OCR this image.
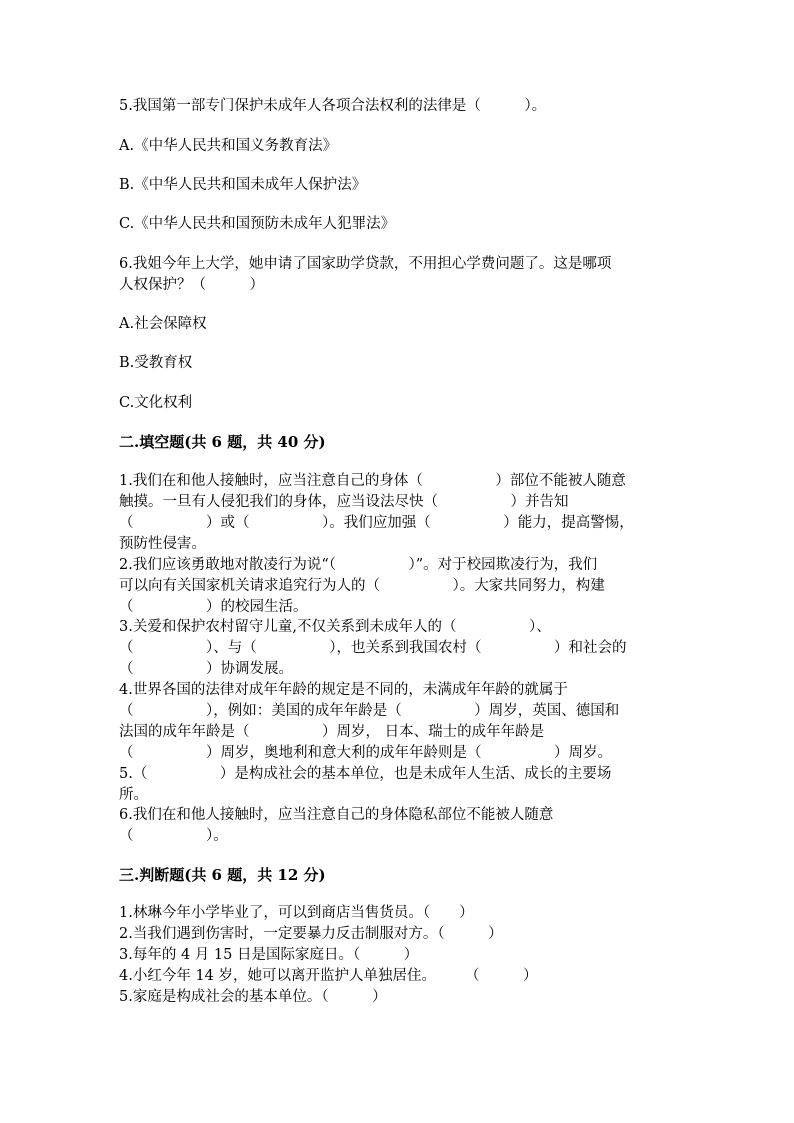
5.我国第一部专门保护未成年人各项合法权利的法律是（　　　）。
A.《中华人民共和国义务教育法》
B.《中华人民共和国未成年人保护法》
C.《中华人民共和国预防未成年人犯罪法》
6.我姐今年上大学，她申请了国家助学贷款，不用担心学费问题了。这是哪项
人权保护？（　　　）
A.社会保障权
B.受教育权
C.文化权利
二.填空题(共 6 题，共 40 分)
1.我们在和他人接触时，应当注意自己的身体（　　　　　）部位不能被人随意
触摸。一旦有人侵犯我们的身体，应当设法尽快（　　　　　）并告知
（　　　　　）或（　　　　　）。我们应加强（　　　　　）能力，提高警惕，
预防性侵害。
2.我们应该勇敢地对散凌行为说“（　　　　　）”。对于校园欺凌行为，我们
可以向有关国家机关请求追究行为人的（　　　　　）。大家共同努力，构建
（　　　　　）的校园生活。
3.关爱和保护农村留守儿童,不仅关系到未成年人的（　　　　　）、
（　　　　　）、与（　　　　　），也关系到我国农村（　　　　　）和社会的
（　　　　　）协调发展。
4.世界各国的法律对成年年龄的规定是不同的，未满成年年龄的就属于
（　　　　　），例如：美国的成年年龄是（　　　　　）周岁，英国、德国和
法国的成年年龄是（　　　　　）周岁， 日本、瑞士的成年年龄是
（　　　　　）周岁，奥地利和意大利的成年年龄则是（　　　　　）周岁。
5.（　　　　　）是构成社会的基本单位，也是未成年人生活、成长的主要场
所。
6.我们在和他人接触时，应当注意自己的身体隐私部位不能被人随意
（　　　　　）。
三.判断题(共 6 题，共 12 分)
1.林琳今年小学毕业了，可以到商店当售货员。（　　）
2.当我们遇到伤害时，一定要暴力反击制服对方。（　　　）
3.每年的 4 月 15 日是国际家庭日。（　　　）
4.小红今年 14 岁，她可以离开监护人单独居住。　　　（　　　）
5.家庭是构成社会的基本单位。（　　　）
